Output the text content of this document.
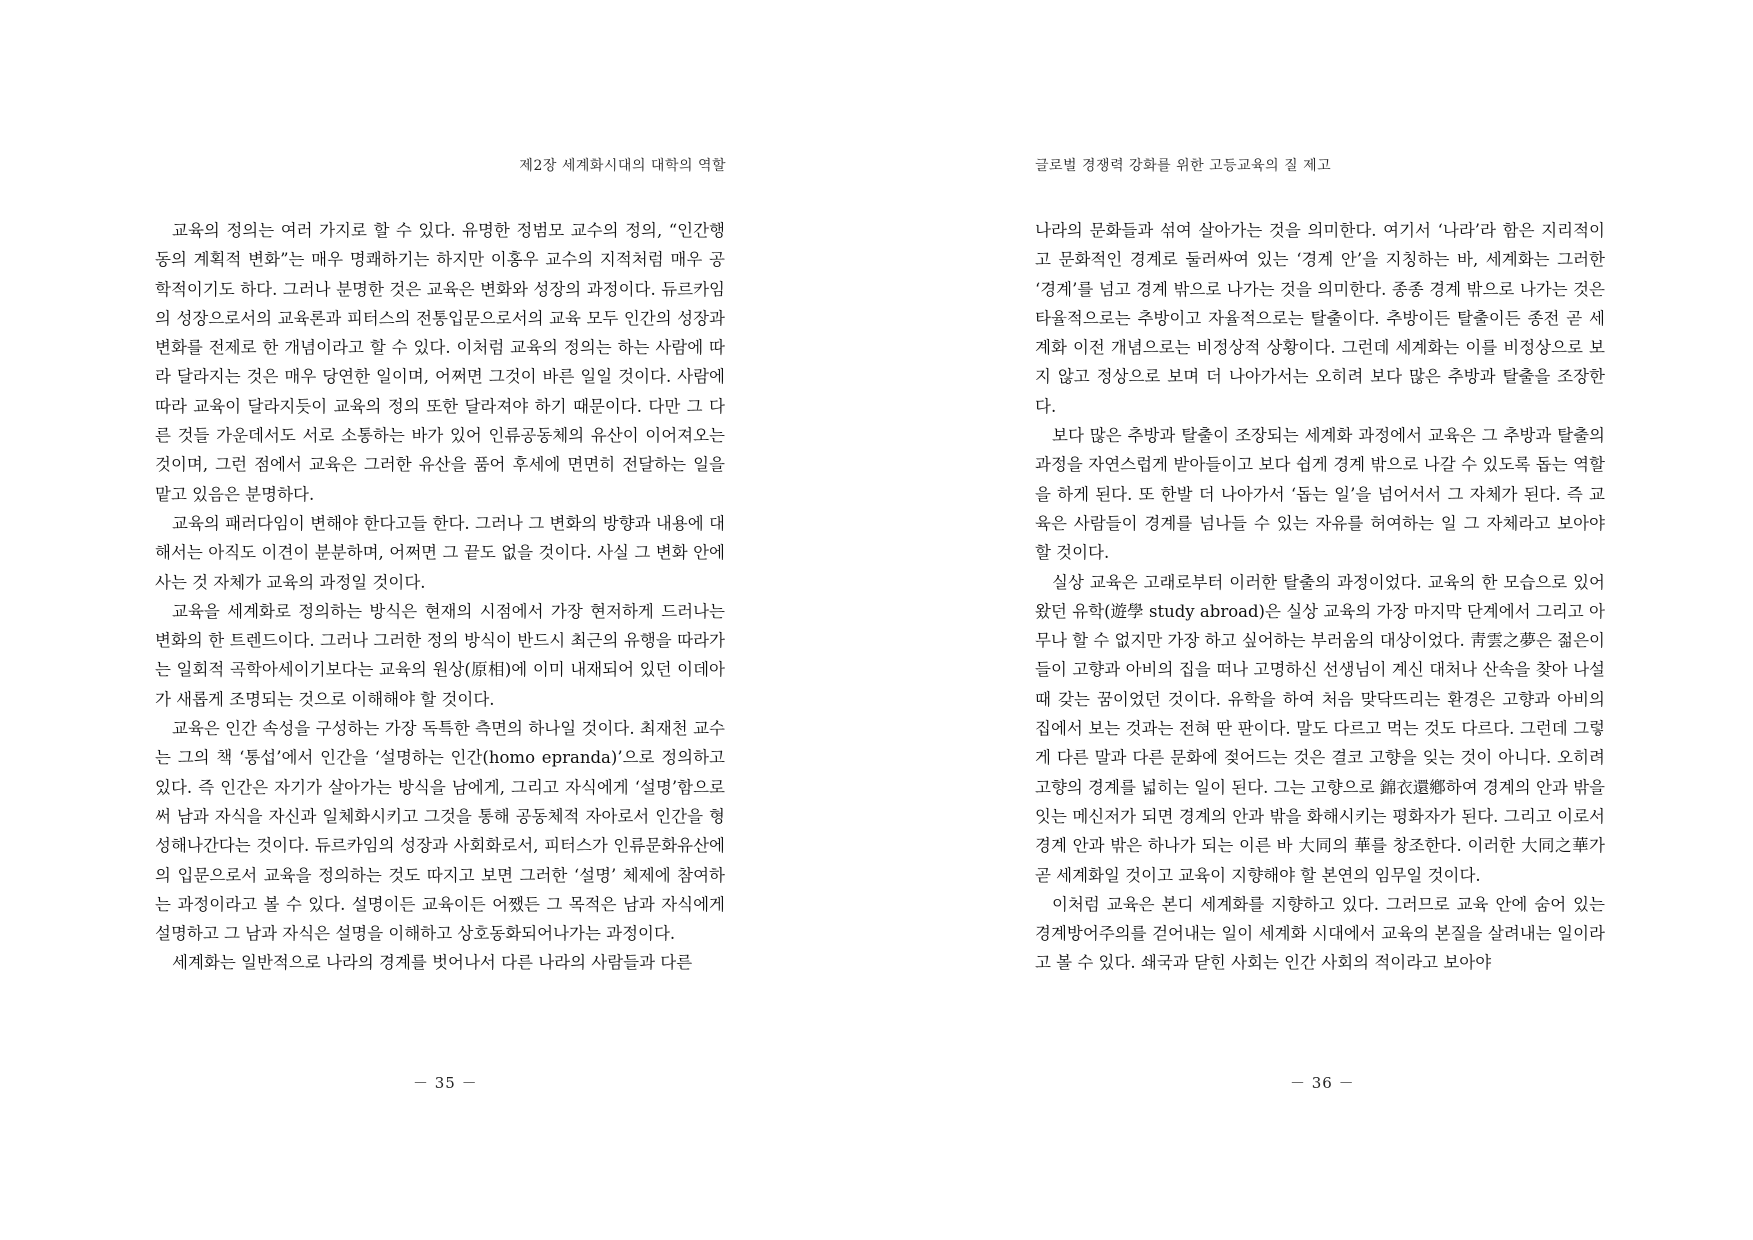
제2장 세계화시대의 대학의 역할

교육의 정의는 여러 가지로 할 수 있다. 유명한 정범모 교수의 정의, “인간행동의 계획적 변화”는 매우 명쾌하기는 하지만 이홍우 교수의 지적처럼 매우 공학적이기도 하다. 그러나 분명한 것은 교육은 변화와 성장의 과정이다. 듀르카임의 성장으로서의 교육론과 피터스의 전통입문으로서의 교육 모두 인간의 성장과 변화를 전제로 한 개념이라고 할 수 있다. 이처럼 교육의 정의는 하는 사람에 따라 달라지는 것은 매우 당연한 일이며, 어쩌면 그것이 바른 일일 것이다. 사람에 따라 교육이 달라지듯이 교육의 정의 또한 달라져야 하기 때문이다. 다만 그 다른 것들 가운데서도 서로 소통하는 바가 있어 인류공동체의 유산이 이어져오는 것이며, 그런 점에서 교육은 그러한 유산을 품어 후세에 면면히 전달하는 일을 맡고 있음은 분명하다.

교육의 패러다임이 변해야 한다고들 한다. 그러나 그 변화의 방향과 내용에 대해서는 아직도 이견이 분분하며, 어쩌면 그 끝도 없을 것이다. 사실 그 변화 안에 사는 것 자체가 교육의 과정일 것이다.

교육을 세계화로 정의하는 방식은 현재의 시점에서 가장 현저하게 드러나는 변화의 한 트렌드이다. 그러나 그러한 정의 방식이 반드시 최근의 유행을 따라가는 일회적 곡학아세이기보다는 교육의 원상(原相)에 이미 내재되어 있던 이데아가 새롭게 조명되는 것으로 이해해야 할 것이다.

교육은 인간 속성을 구성하는 가장 독특한 측면의 하나일 것이다. 최재천 교수는 그의 책 ‘통섭’에서 인간을 ‘설명하는 인간(homo epranda)’으로 정의하고 있다. 즉 인간은 자기가 살아가는 방식을 남에게, 그리고 자식에게 ‘설명’함으로써 남과 자식을 자신과 일체화시키고 그것을 통해 공동체적 자아로서 인간을 형성해나간다는 것이다. 듀르카임의 성장과 사회화로서, 피터스가 인류문화유산에의 입문으로서 교육을 정의하는 것도 따지고 보면 그러한 ‘설명’ 체제에 참여하는 과정이라고 볼 수 있다. 설명이든 교육이든 어쨌든 그 목적은 남과 자식에게 설명하고 그 남과 자식은 설명을 이해하고 상호동화되어나가는 과정이다.

세계화는 일반적으로 나라의 경계를 벗어나서 다른 나라의 사람들과 다른

－ 35 －
글로벌 경쟁력 강화를 위한 고등교육의 질 제고

나라의 문화들과 섞여 살아가는 것을 의미한다. 여기서 ‘나라’라 함은 지리적이고 문화적인 경계로 둘러싸여 있는 ‘경계 안’을 지칭하는 바, 세계화는 그러한 ‘경계’를 넘고 경계 밖으로 나가는 것을 의미한다. 종종 경계 밖으로 나가는 것은 타율적으로는 추방이고 자율적으로는 탈출이다. 추방이든 탈출이든 종전 곧 세계화 이전 개념으로는 비정상적 상황이다. 그런데 세계화는 이를 비정상으로 보지 않고 정상으로 보며 더 나아가서는 오히려 보다 많은 추방과 탈출을 조장한다.

보다 많은 추방과 탈출이 조장되는 세계화 과정에서 교육은 그 추방과 탈출의 과정을 자연스럽게 받아들이고 보다 쉽게 경계 밖으로 나갈 수 있도록 돕는 역할을 하게 된다. 또 한발 더 나아가서 ‘돕는 일’을 넘어서서 그 자체가 된다. 즉 교육은 사람들이 경계를 넘나들 수 있는 자유를 허여하는 일 그 자체라고 보아야 할 것이다.

실상 교육은 고래로부터 이러한 탈출의 과정이었다. 교육의 한 모습으로 있어 왔던 유학(遊學 study abroad)은 실상 교육의 가장 마지막 단계에서 그리고 아무나 할 수 없지만 가장 하고 싶어하는 부러움의 대상이었다. 靑雲之夢은 젊은이들이 고향과 아비의 집을 떠나 고명하신 선생님이 계신 대처나 산속을 찾아 나설 때 갖는 꿈이었던 것이다. 유학을 하여 처음 맞닥뜨리는 환경은 고향과 아비의 집에서 보는 것과는 전혀 딴 판이다. 말도 다르고 먹는 것도 다르다. 그런데 그렇게 다른 말과 다른 문화에 젖어드는 것은 결코 고향을 잊는 것이 아니다. 오히려 고향의 경계를 넓히는 일이 된다. 그는 고향으로 錦衣還鄕하여 경계의 안과 밖을 잇는 메신저가 되면 경계의 안과 밖을 화해시키는 평화자가 된다. 그리고 이로서 경계 안과 밖은 하나가 되는 이른 바 大同의 華를 창조한다. 이러한 大同之華가 곧 세계화일 것이고 교육이 지향해야 할 본연의 임무일 것이다.

이처럼 교육은 본디 세계화를 지향하고 있다. 그러므로 교육 안에 숨어 있는 경계방어주의를 걷어내는 일이 세계화 시대에서 교육의 본질을 살려내는 일이라고 볼 수 있다. 쇄국과 닫힌 사회는 인간 사회의 적이라고 보아야

－ 36 －
